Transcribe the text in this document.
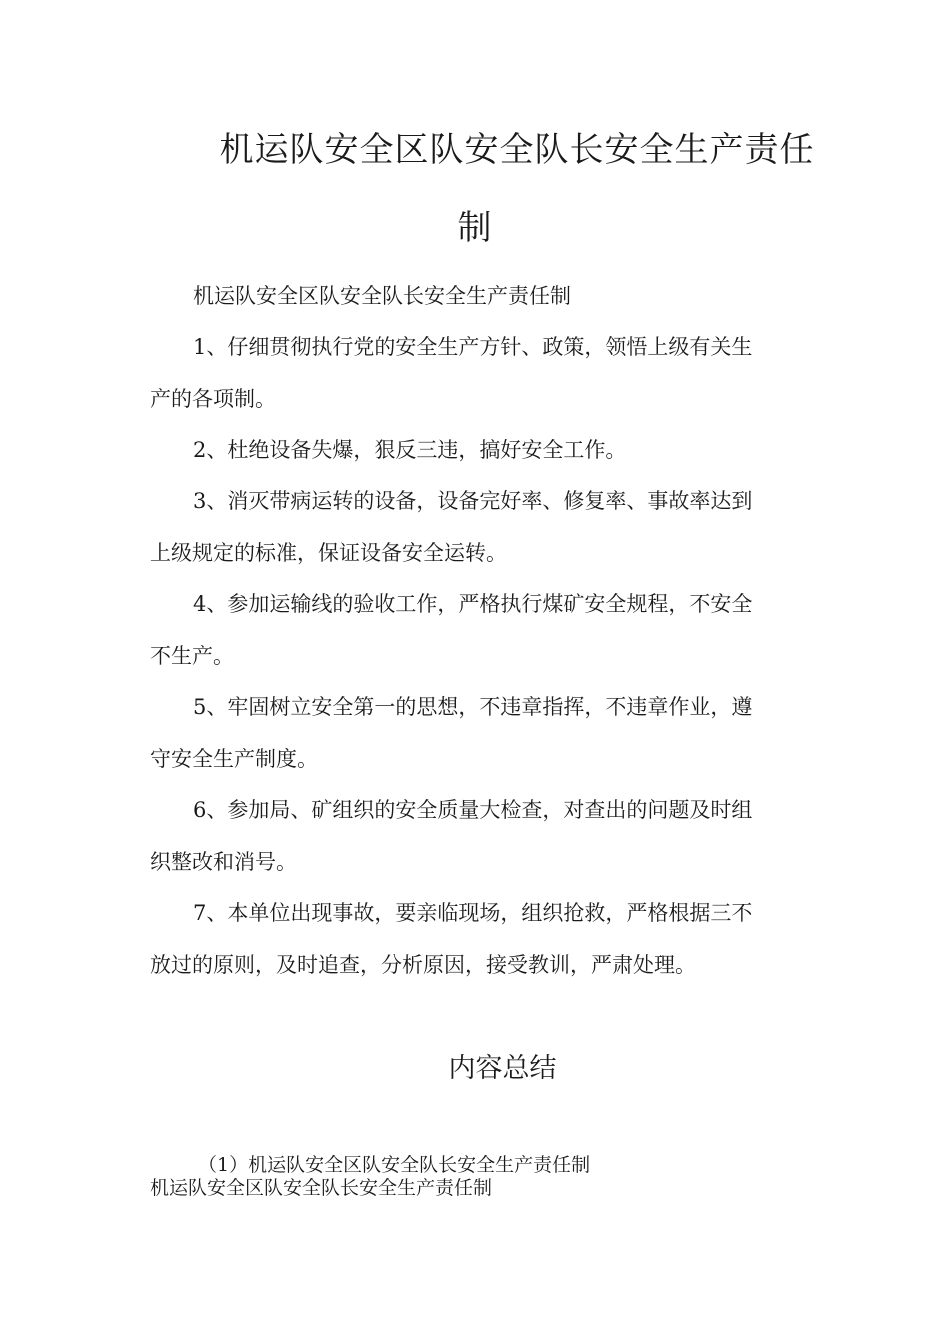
机运队安全区队安全队长安全生产责任
制

机运队安全区队安全队长安全生产责任制

1、仔细贯彻执行党的安全生产方针、政策，领悟上级有关生

产的各项制。

2、杜绝设备失爆，狠反三违，搞好安全工作。

3、消灭带病运转的设备，设备完好率、修复率、事故率达到

上级规定的标准，保证设备安全运转。

4、参加运输线的验收工作，严格执行煤矿安全规程，不安全

不生产。

5、牢固树立安全第一的思想，不违章指挥，不违章作业，遵

守安全生产制度。

6、参加局、矿组织的安全质量大检查，对查出的问题及时组

织整改和消号。

7、本单位出现事故，要亲临现场，组织抢救，严格根据三不

放过的原则，及时追查，分析原因，接受教训，严肃处理。

内容总结

（1）机运队安全区队安全队长安全生产责任制

机运队安全区队安全队长安全生产责任制
